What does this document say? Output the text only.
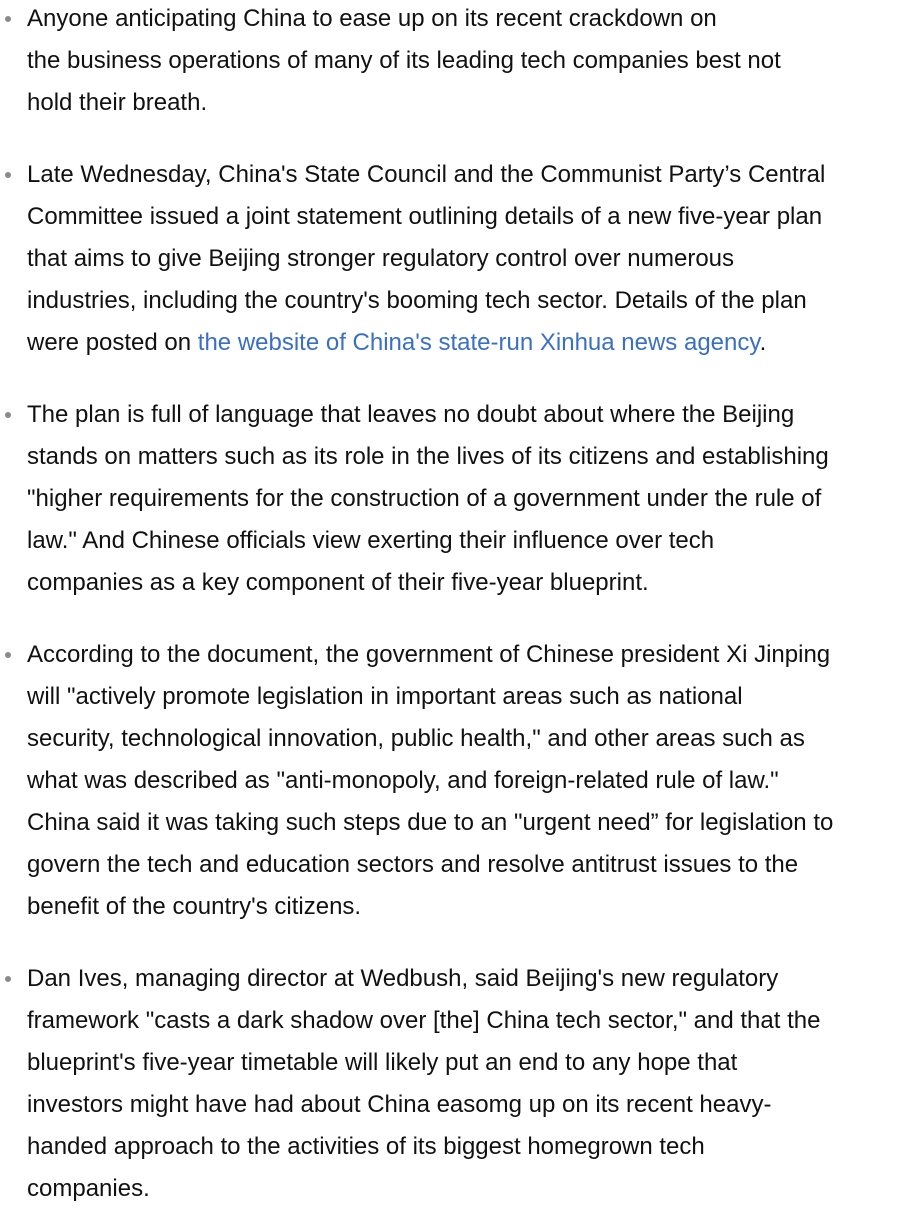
Anyone anticipating China to ease up on its recent crackdown on
the business operations of many of its leading tech companies best not
hold their breath.
Late Wednesday, China's State Council and the Communist Party’s Central
Committee issued a joint statement outlining details of a new five-year plan
that aims to give Beijing stronger regulatory control over numerous
industries, including the country's booming tech sector. Details of the plan
were posted on the website of China's state-run Xinhua news agency.
The plan is full of language that leaves no doubt about where the Beijing
stands on matters such as its role in the lives of its citizens and establishing
"higher requirements for the construction of a government under the rule of
law." And Chinese officials view exerting their influence over tech
companies as a key component of their five-year blueprint.
According to the document, the government of Chinese president Xi Jinping
will "actively promote legislation in important areas such as national
security, technological innovation, public health," and other areas such as
what was described as "anti-monopoly, and foreign-related rule of law."
China said it was taking such steps due to an "urgent need” for legislation to
govern the tech and education sectors and resolve antitrust issues to the
benefit of the country's citizens.
Dan Ives, managing director at Wedbush, said Beijing's new regulatory
framework "casts a dark shadow over [the] China tech sector," and that the
blueprint's five-year timetable will likely put an end to any hope that
investors might have had about China easomg up on its recent heavy-
handed approach to the activities of its biggest homegrown tech
companies.
